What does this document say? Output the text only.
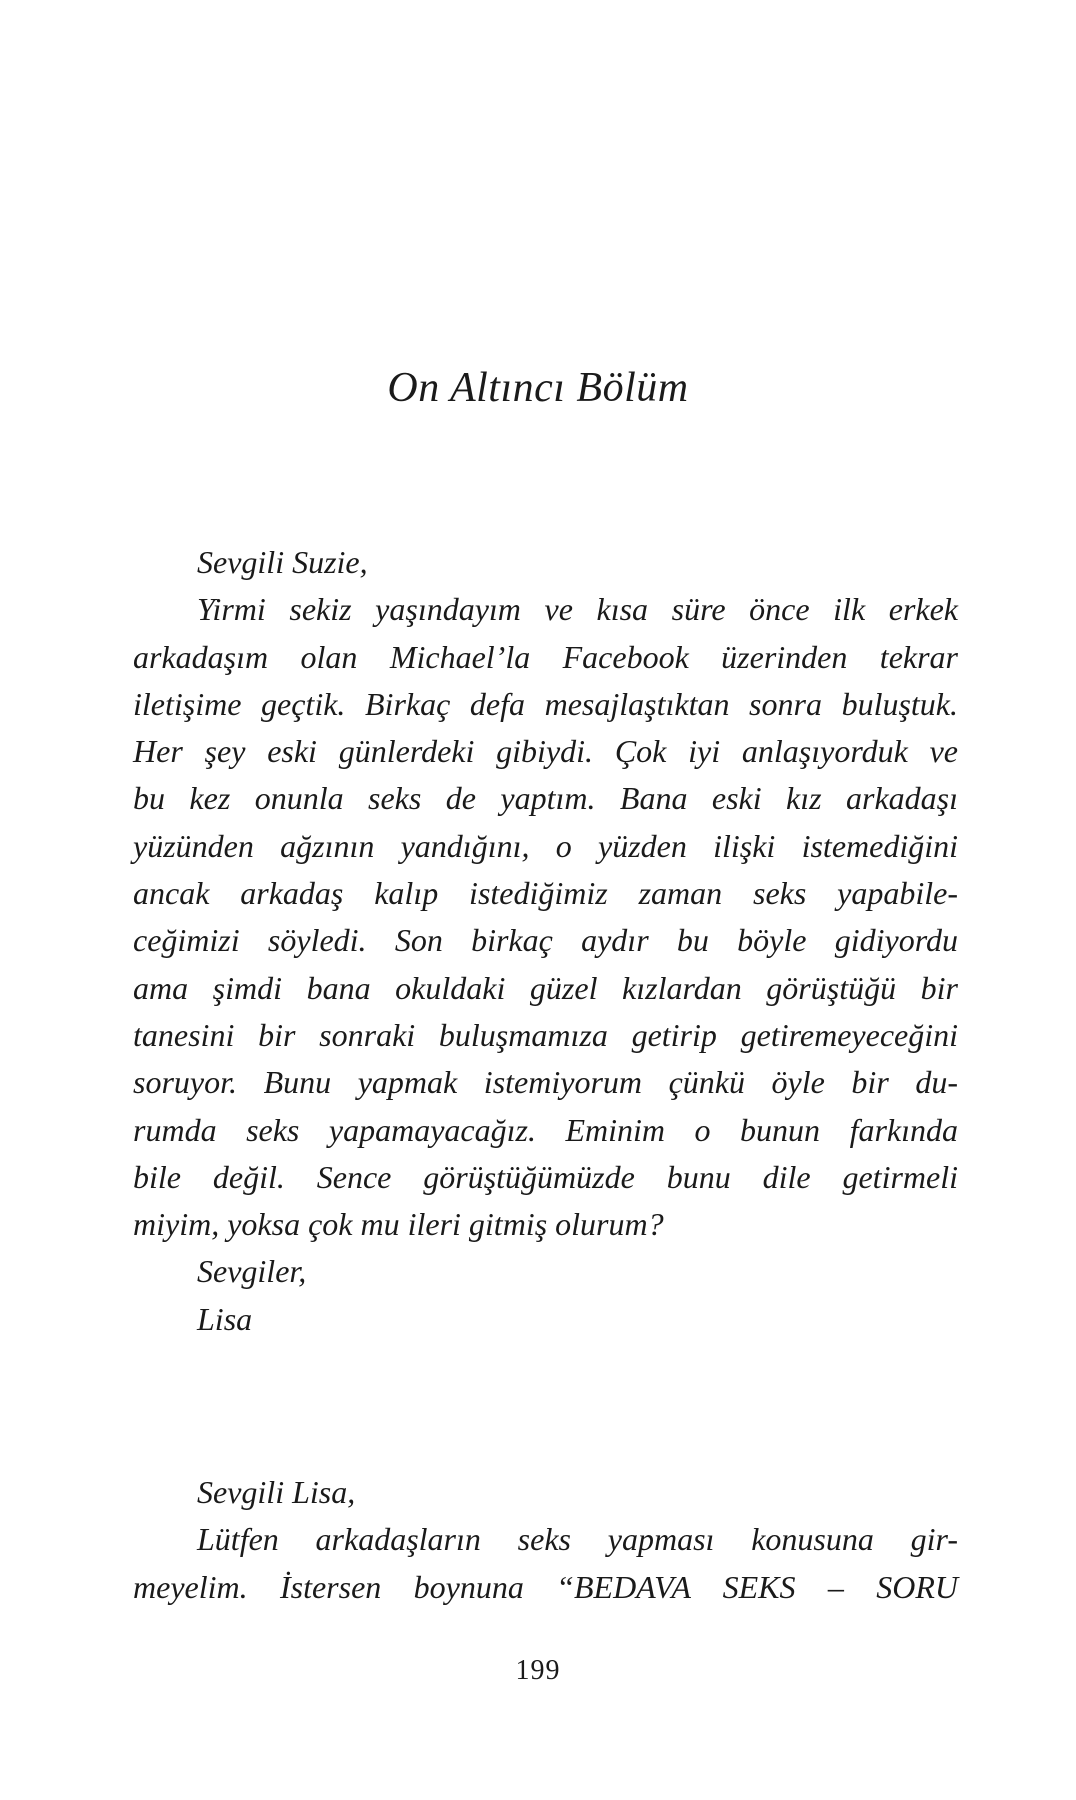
On Altıncı Bölüm
Sevgili Suzie,
Yirmi sekiz yaşındayım ve kısa süre önce ilk erkek
arkadaşım olan Michael’la Facebook üzerinden tekrar
iletişime geçtik. Birkaç defa mesajlaştıktan sonra buluştuk.
Her şey eski günlerdeki gibiydi. Çok iyi anlaşıyorduk ve
bu kez onunla seks de yaptım. Bana eski kız arkadaşı
yüzünden ağzının yandığını, o yüzden ilişki istemediğini
ancak arkadaş kalıp istediğimiz zaman seks yapabile-
ceğimizi söyledi. Son birkaç aydır bu böyle gidiyordu
ama şimdi bana okuldaki güzel kızlardan görüştüğü bir
tanesini bir sonraki buluşmamıza getirip getiremeyeceğini
soruyor. Bunu yapmak istemiyorum çünkü öyle bir du-
rumda seks yapamayacağız. Eminim o bunun farkında
bile değil. Sence görüştüğümüzde bunu dile getirmeli
miyim, yoksa çok mu ileri gitmiş olurum?
Sevgiler,
Lisa
Sevgili Lisa,
Lütfen arkadaşların seks yapması konusuna gir-
meyelim. İstersen boynuna “BEDAVA SEKS – SORU
199
